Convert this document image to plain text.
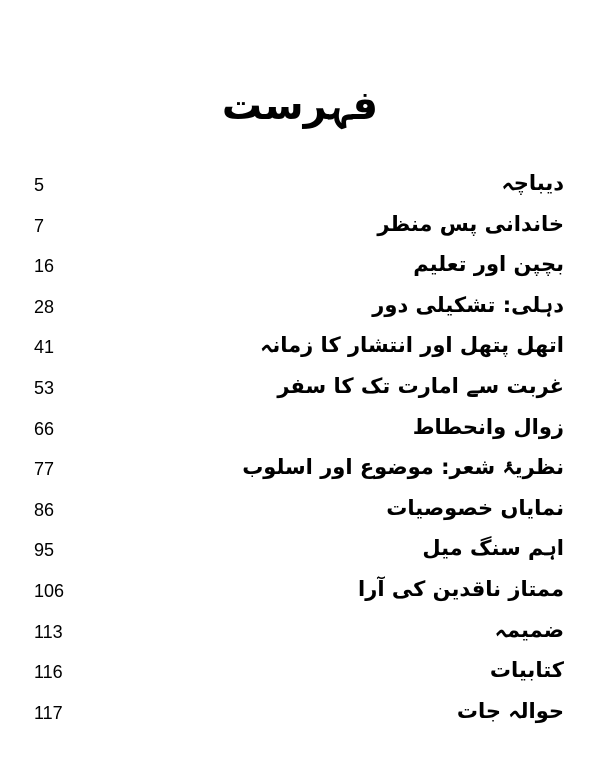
فہرست
دیباچہ
5
خاندانی پس منظر
7
بچپن اور تعلیم
16
دہلی: تشکیلی دور
28
اتھل پتھل اور انتشار کا زمانہ
41
غربت سے امارت تک کا سفر
53
زوال وانحطاط
66
نظریۂ شعر: موضوع اور اسلوب
77
نمایاں خصوصیات
86
اہم سنگ میل
95
ممتاز ناقدین کی آرا
106
ضمیمہ
113
کتابیات
116
حوالہ جات
117
